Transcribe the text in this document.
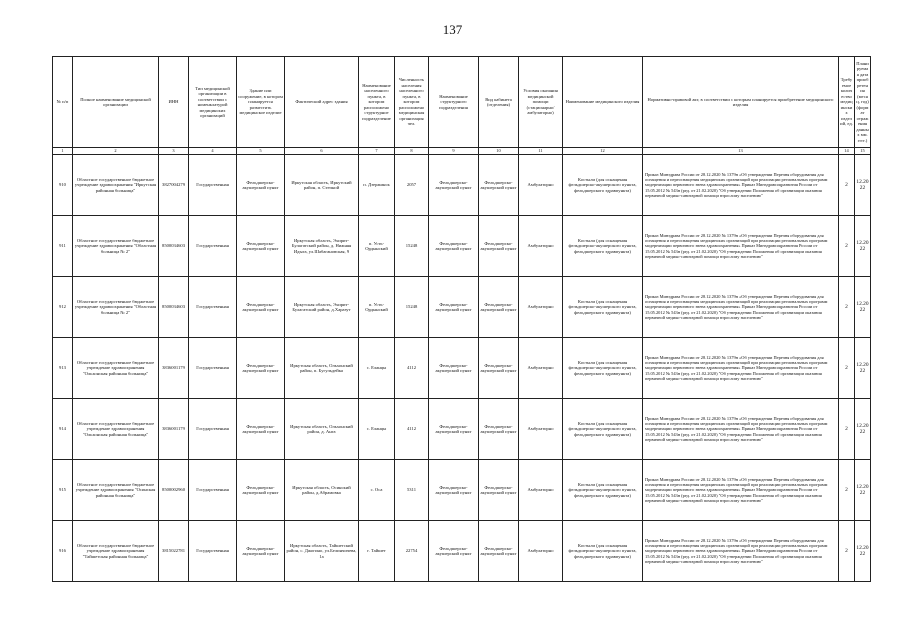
137
№ п/п	Полное наименование медицинской организации	ИНН	Тип медицинской организации в соответствии с номенклатурой медицинских организаций	Здание или сооружение, в котором планируется разместить медицинское изделие	Фактический адрес здания	Наименование населенного пункта, в котором расположено структурное подразделение	Численность населения населенного пункта, в котором расположено медицинская организация чел.	Наименование структурного подразделения	Вид кабинета (отделения)	Условия оказания медицинской помощи (стационарно/амбулаторно)	Наименование медицинского изделия	Нормативно-правовой акт, в соответствии с которым планируется приобретение медицинского изделия	Требуемое количество медицинских изделий, ед.	Планируемая дата приобретения (месяц, год) (формат отражения данных мм. гггг.)
1	2	3	4	5	6	7	8	9	10	11	12	13	14	15
910	Областное государственное бюджетное учреждение здравоохранения "Иркутская районная больница"	3827004279	Государственная	Фельдшерско-акушерский пункт	Иркутская область, Иркутский район, п. Степной	п. Дзержинск	2057	Фельдшерско-акушерский пункт	Фельдшерско-акушерский пункт	Амбулаторно	Костыли (для оснащения фельдшерско-акушерского пункта, фельдшерского здравпункта)	Приказ Минздрава России от 28.12.2020 № 1379н «Об утверждении Перечня оборудования для оснащения и переоснащения медицинских организаций при реализации региональных программ модернизации первичного звена здравоохранения» Приказ Минздравсоцразвития России от 15.05.2012 № 543н (ред. от 21.02.2020) "Об утверждении Положения об организации оказания первичной медико-санитарной помощи взрослому населению"	2	12.2022
911	Областное государственное бюджетное учреждение здравоохранения "Областная больница № 2"	8500034603	Государственная	Фельдшерско-акушерский пункт	Иркутская область, Эхирит-Булагатский район, д. Нижняя Идыга, ул.Шабагановская, 9	п. Усть-Ордынский	15248	Фельдшерско-акушерский пункт	Фельдшерско-акушерский пункт	Амбулаторно	Костыли (для оснащения фельдшерско-акушерского пункта, фельдшерского здравпункта)	Приказ Минздрава России от 28.12.2020 № 1379н «Об утверждении Перечня оборудования для оснащения и переоснащения медицинских организаций при реализации региональных программ модернизации первичного звена здравоохранения» Приказ Минздравсоцразвития России от 15.05.2012 № 543н (ред. от 21.02.2020) "Об утверждении Положения об организации оказания первичной медико-санитарной помощи взрослому населению"	2	12.2022
912	Областное государственное бюджетное учреждение здравоохранения "Областная больница № 2"	8500034603	Государственная	Фельдшерско-акушерский пункт	Иркутская область, Эхирит-Булагатский район, д.Харазут	п. Усть-Ордынский	15248	Фельдшерско-акушерский пункт	Фельдшерско-акушерский пункт	Амбулаторно	Костыли (для оснащения фельдшерско-акушерского пункта, фельдшерского здравпункта)	Приказ Минздрава России от 28.12.2020 № 1379н «Об утверждении Перечня оборудования для оснащения и переоснащения медицинских организаций при реализации региональных программ модернизации первичного звена здравоохранения» Приказ Минздравсоцразвития России от 15.05.2012 № 543н (ред. от 21.02.2020) "Об утверждении Положения об организации оказания первичной медико-санитарной помощи взрослому населению"	2	12.2022
913	Областное государственное бюджетное учреждение здравоохранения "Ольхонская районная больница"	3836001179	Государственная	Фельдшерско-акушерский пункт	Иркутская область, Ольхонский район, п. Бугульдейка	с. Еланцы	4112	Фельдшерско-акушерский пункт	Фельдшерско-акушерский пункт	Амбулаторно	Костыли (для оснащения фельдшерско-акушерского пункта, фельдшерского здравпункта)	Приказ Минздрава России от 28.12.2020 № 1379н «Об утверждении Перечня оборудования для оснащения и переоснащения медицинских организаций при реализации региональных программ модернизации первичного звена здравоохранения» Приказ Минздравсоцразвития России от 15.05.2012 № 543н (ред. от 21.02.2020) "Об утверждении Положения об организации оказания первичной медико-санитарной помощи взрослому населению"	2	12.2022
914	Областное государственное бюджетное учреждение здравоохранения "Ольхонская районная больница"	3836001179	Государственная	Фельдшерско-акушерский пункт	Иркутская область, Ольхонский район, д. Анга	с. Еланцы	4112	Фельдшерско-акушерский пункт	Фельдшерско-акушерский пункт	Амбулаторно	Костыли (для оснащения фельдшерско-акушерского пункта, фельдшерского здравпункта)	Приказ Минздрава России от 28.12.2020 № 1379н «Об утверждении Перечня оборудования для оснащения и переоснащения медицинских организаций при реализации региональных программ модернизации первичного звена здравоохранения» Приказ Минздравсоцразвития России от 15.05.2012 № 543н (ред. от 21.02.2020) "Об утверждении Положения об организации оказания первичной медико-санитарной помощи взрослому населению"	2	12.2022
915	Областное государственное бюджетное учреждение здравоохранения "Осинская районная больница"	8500002960	Государственная	Фельдшерско-акушерский пункт	Иркутская область, Осинский район, д.Абрамовка	с. Оса	5311	Фельдшерско-акушерский пункт	Фельдшерско-акушерский пункт	Амбулаторно	Костыли (для оснащения фельдшерско-акушерского пункта, фельдшерского здравпункта)	Приказ Минздрава России от 28.12.2020 № 1379н «Об утверждении Перечня оборудования для оснащения и переоснащения медицинских организаций при реализации региональных программ модернизации первичного звена здравоохранения» Приказ Минздравсоцразвития России от 15.05.2012 № 543н (ред. от 21.02.2020) "Об утверждении Положения об организации оказания первичной медико-санитарной помощи взрослому населению"	2	12.2022
916	Областное государственное бюджетное учреждение здравоохранения "Тайшетская районная больница"	3815022781	Государственная	Фельдшерско-акушерский пункт	Иркутская область, Тайшетский район, с. Джогино, ул.Белинчичева, 1а	г. Тайшет	22754	Фельдшерско-акушерский пункт	Фельдшерско-акушерский пункт	Амбулаторно	Костыли (для оснащения фельдшерско-акушерского пункта, фельдшерского здравпункта)	Приказ Минздрава России от 28.12.2020 № 1379н «Об утверждении Перечня оборудования для оснащения и переоснащения медицинских организаций при реализации региональных программ модернизации первичного звена здравоохранения» Приказ Минздравсоцразвития России от 15.05.2012 № 543н (ред. от 21.02.2020) "Об утверждении Положения об организации оказания первичной медико-санитарной помощи взрослому населению"	2	12.2022
